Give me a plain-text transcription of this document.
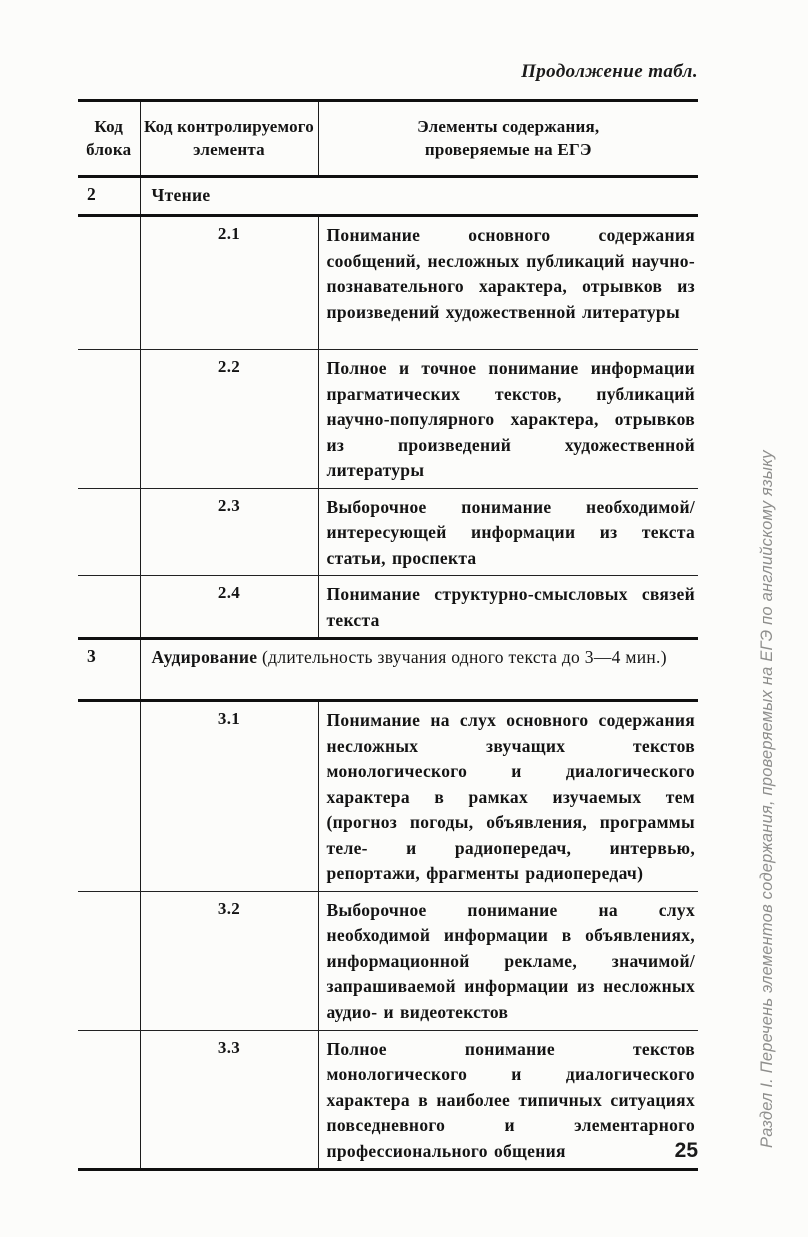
Продолжение табл.
Код блока	Код контролируемого элемента	Элементы содержания, проверяемые на ЕГЭ

2	Чтение	
	2.1	Понимание основного содержания сообщений, несложных публикаций научно-познавательного характера, отрывков из произведений художественной литературы
	2.2	Полное и точное понимание информации прагматических текстов, публикаций научно-популярного характера, отрывков из произведений художественной литературы
	2.3	Выборочное понимание необходимой/интересующей информации из текста статьи, проспекта
	2.4	Понимание структурно-смысловых связей текста
3	Аудирование (длительность звучания одного текста до 3—4 мин.)	
	3.1	Понимание на слух основного содержания несложных звучащих текстов монологического и диалогического характера в рамках изучаемых тем (прогноз погоды, объявления, программы теле- и радиопередач, интервью, репортажи, фрагменты радиопередач)
	3.2	Выборочное понимание на слух необходимой информации в объявлениях, информационной рекламе, значимой/запрашиваемой информации из несложных аудио- и видеотекстов
	3.3	Полное понимание текстов монологического и диалогического характера в наиболее типичных ситуациях повседневного и элементарного профессионального общения
Раздел I. Перечень элементов содержания, проверяемых на ЕГЭ по английскому языку
25
